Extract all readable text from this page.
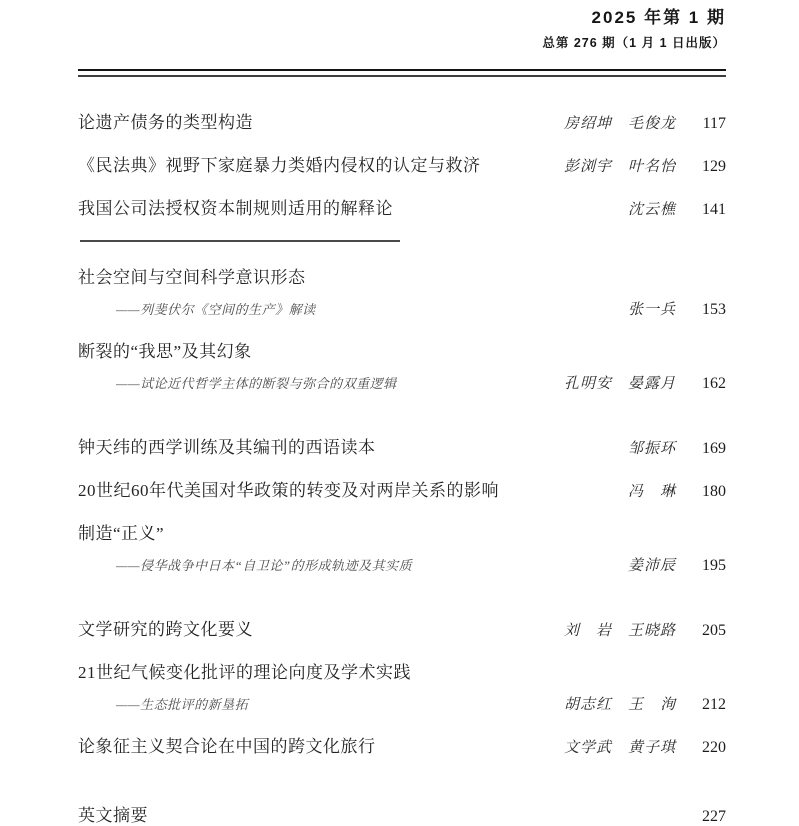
2025 年第 1 期
总第 276 期（1 月 1 日出版）
论遗产债务的类型构造	房绍坤　毛俊龙	117
《民法典》视野下家庭暴力类婚内侵权的认定与救济	彭浏宇　叶名怡	129
我国公司法授权资本制规则适用的解释论	沈云樵	141
社会空间与空间科学意识形态
——列斐伏尔《空间的生产》解读	张一兵	153
断裂的“我思”及其幻象
——试论近代哲学主体的断裂与弥合的双重逻辑	孔明安　晏露月	162
钟天纬的西学训练及其编刊的西语读本	邹振环	169
20世纪60年代美国对华政策的转变及对两岸关系的影响	冯　琳	180
制造“正义”
——侵华战争中日本“自卫论”的形成轨迹及其实质	姜沛辰	195
文学研究的跨文化要义	刘　岩　王晓路	205
21世纪气候变化批评的理论向度及学术实践
——生态批评的新垦拓	胡志红　王　洵	212
论象征主义契合论在中国的跨文化旅行	文学武　黄子琪	220
英文摘要	227
